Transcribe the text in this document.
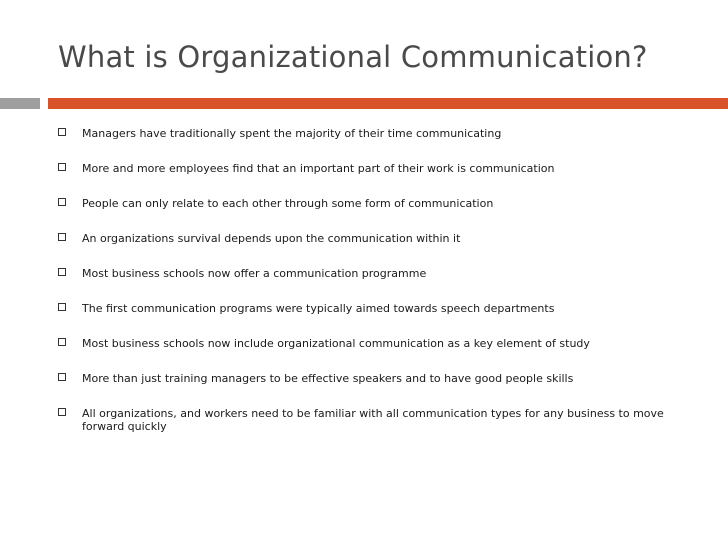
What is Organizational Communication?
Managers have traditionally spent the majority of their time communicating
More and more employees find that an important part of their work is communication
People can only relate to each other through some form of communication
An organizations survival depends upon the communication within it
Most business schools now offer a communication programme
The first communication programs were typically aimed towards speech departments
Most business schools now include organizational communication as a key element of study
More than just training managers to be effective speakers and to have good people skills
All organizations, and workers need to be familiar with all communication types for any business to move forward quickly
